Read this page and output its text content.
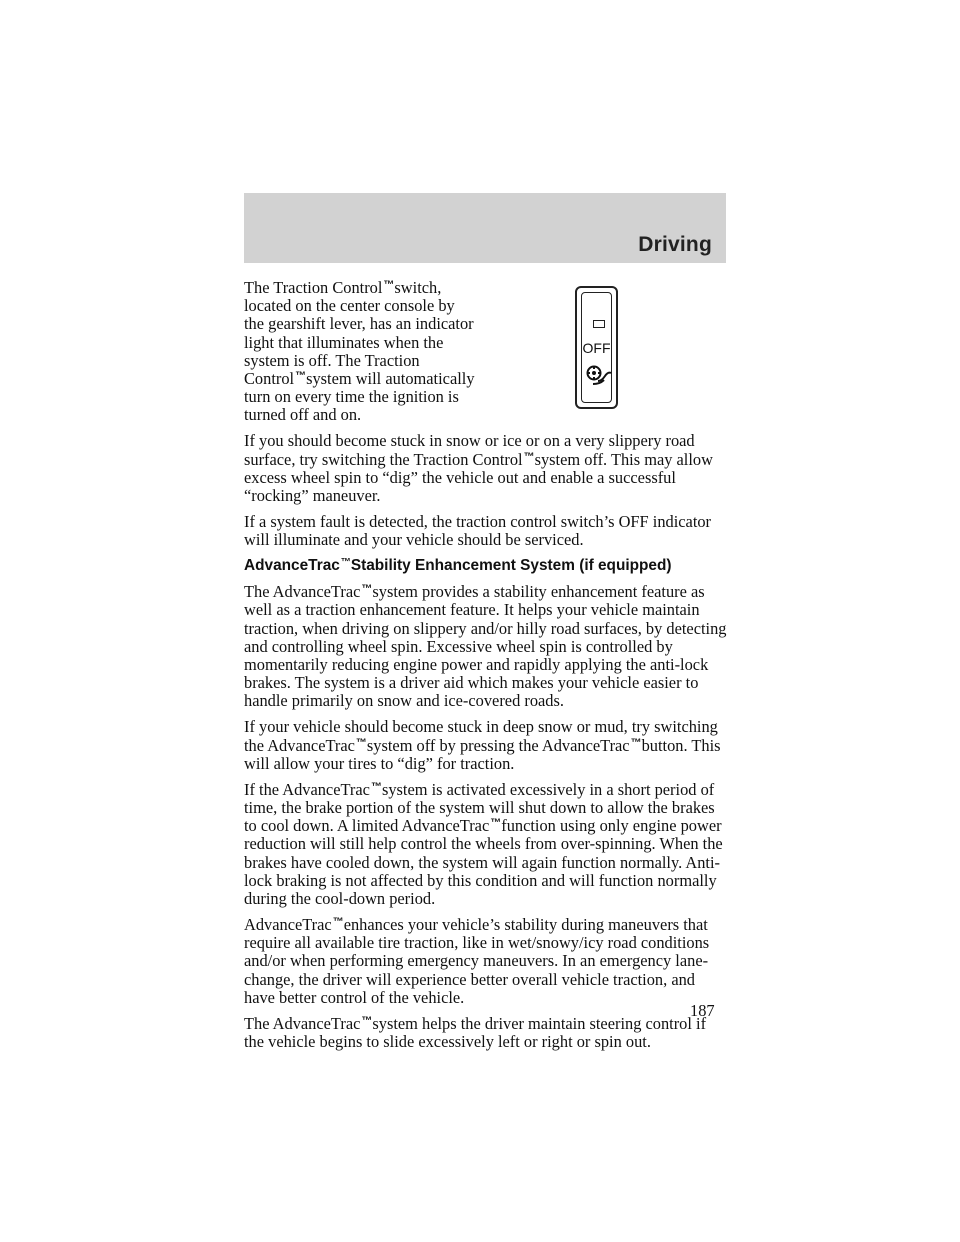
Driving
OFF

The Traction Control™switch, located on the center console by the gearshift lever, has an indicator light that illuminates when the system is off. The Traction Control™system will automatically turn on every time the ignition is turned off and on.

If you should become stuck in snow or ice or on a very slippery road surface, try switching the Traction Control™system off. This may allow excess wheel spin to “dig” the vehicle out and enable a successful “rocking” maneuver.

If a system fault is detected, the traction control switch’s OFF indicator will illuminate and your vehicle should be serviced.

AdvanceTrac™Stability Enhancement System (if equipped)

The AdvanceTrac™system provides a stability enhancement feature as well as a traction enhancement feature. It helps your vehicle maintain traction, when driving on slippery and/or hilly road surfaces, by detecting and controlling wheel spin. Excessive wheel spin is controlled by momentarily reducing engine power and rapidly applying the anti-lock brakes. The system is a driver aid which makes your vehicle easier to handle primarily on snow and ice-covered roads.

If your vehicle should become stuck in deep snow or mud, try switching the AdvanceTrac™system off by pressing the AdvanceTrac™button. This will allow your tires to “dig” for traction.

If the AdvanceTrac™system is activated excessively in a short period of time, the brake portion of the system will shut down to allow the brakes to cool down. A limited AdvanceTrac™function using only engine power reduction will still help control the wheels from over-spinning. When the brakes have cooled down, the system will again function normally. Anti-lock braking is not affected by this condition and will function normally during the cool-down period.

AdvanceTrac™enhances your vehicle’s stability during maneuvers that require all available tire traction, like in wet/snowy/icy road conditions and/or when performing emergency maneuvers. In an emergency lane-change, the driver will experience better overall vehicle traction, and have better control of the vehicle.

The AdvanceTrac™system helps the driver maintain steering control if the vehicle begins to slide excessively left or right or spin out.

187
